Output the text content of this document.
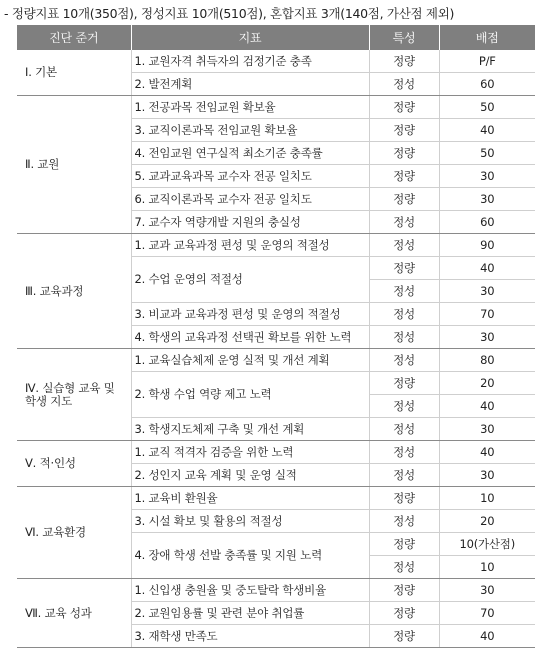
- 정량지표 10개(350점), 정성지표 10개(510점), 혼합지표 3개(140점, 가산점 제외)
진단 준거	지표	특성	배점
Ⅰ. 기본	1. 교원자격 취득자의 검정기준 충족	정량	P/F
	2. 발전계획	정성	60
Ⅱ. 교원	1. 전공과목 전임교원 확보율	정량	50
	3. 교직이론과목 전임교원 확보율	정량	40
	4. 전임교원 연구실적 최소기준 충족률	정량	50
	5. 교과교육과목 교수자 전공 일치도	정량	30
	6. 교직이론과목 교수자 전공 일치도	정량	30
	7. 교수자 역량개발 지원의 충실성	정성	60
Ⅲ. 교육과정	1. 교과 교육과정 편성 및 운영의 적절성	정성	90
	2. 수업 운영의 적절성	정량	40
		정성	30
	3. 비교과 교육과정 편성 및 운영의 적절성	정성	70
	4. 학생의 교육과정 선택권 확보를 위한 노력	정성	30
Ⅳ. 실습형 교육 및 학생 지도	1. 교육실습체제 운영 실적 및 개선 계획	정성	80
	2. 학생 수업 역량 제고 노력	정량	20
		정성	40
	3. 학생지도체제 구축 및 개선 계획	정성	30
Ⅴ. 적·인성	1. 교직 적격자 검증을 위한 노력	정성	40
	2. 성인지 교육 계획 및 운영 실적	정성	30
Ⅵ. 교육환경	1. 교육비 환원율	정량	10
	3. 시설 확보 및 활용의 적절성	정성	20
	4. 장애 학생 선발 충족률 및 지원 노력	정량	10(가산점)
		정성	10
Ⅶ. 교육 성과	1. 신입생 충원율 및 중도탈락 학생비율	정량	30
	2. 교원임용률 및 관련 분야 취업률	정량	70
	3. 재학생 만족도	정량	40
